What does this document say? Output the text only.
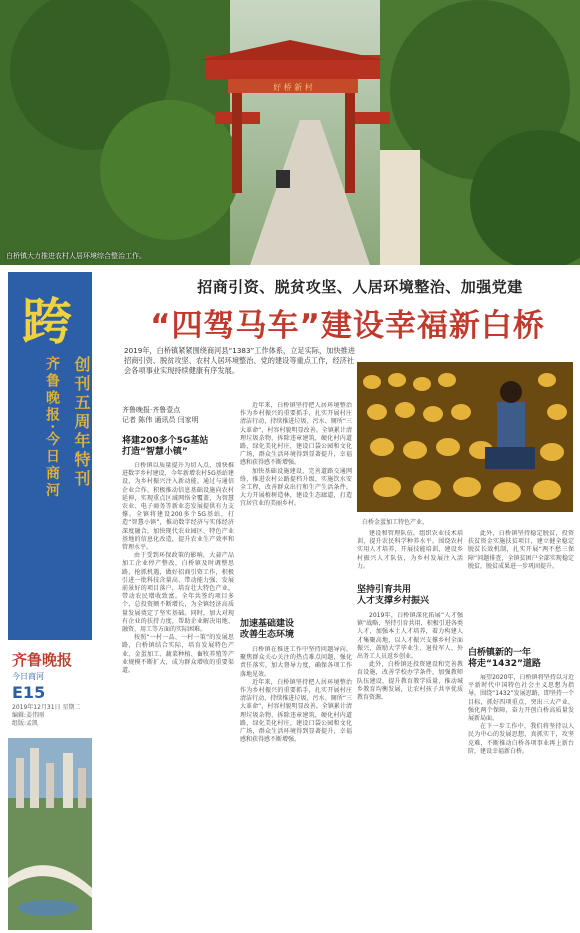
好 桥 新 村
白桥镇大力推进农村人居环境综合整治工作。
招商引资、脱贫攻坚、人居环境整治、加强党建
“四驾马车”建设幸福新白桥
跨
齐鲁晚报·今日商河 创刊五周年特刊
齐鲁晚报
今日商河
E15
2019年12月31日 星期二
编辑:姜伟刚
组版:孟凯
2019年，白桥镇紧紧围绕商河县“1383”工作体系，立足实际，加快推进招商引资、脱贫攻坚、农村人居环境整治、党的建设等重点工作，经济社会各项事业实现持续健康有序发展。
白桥金蛋加工特色产业。
齐鲁晚报·齐鲁壹点
记者 陈伟 通讯员 闫家明
将建200多个5G基站
打造“智慧小镇”
加速基础建设
改善生态环境
坚持引育共用
人才支撑乡村振兴
白桥镇新的一年
将走“1432”道路

白桥镇以质量提升为切入点，加快推进数字乡村建设，今年新增农村5G基站建设，为乡村振兴注入新动能。通过与通信企业合作，积极推动信息基础设施向农村延伸，实现重点区域网络全覆盖，为智慧农业、电子商务等新业态发展提供有力支撑。全镇将建设200多个5G基站，打造“智慧小镇”，推动数字经济与实体经济深度融合，加快现代农业园区、特色产业基地的信息化改造，提升农业生产效率和管理水平。

由于受到环保政策的影响，大蒜产品加工企业停产整改，白桥镇及时调整思路，抢抓机遇，做好招商引资工作，积极引进一批科技含量高、带动能力强、发展前景好的项目落户，培育壮大特色产业，带动农民增收致富。全年共签约项目多个，总投资额不断增长，为全镇经济高质量发展奠定了坚实基础。同时，加大对现有企业的扶持力度，帮助企业解决用地、融资、用工等方面的实际困难。

按照“一村一品、一村一策”的发展思路，白桥镇结合实际，培育发展特色产业，金蛋加工、蔬菜种植、畜牧养殖等产业规模不断扩大，成为群众增收的重要渠道。

近年来，白桥镇坚持把人居环境整治作为乡村振兴的重要抓手，扎实开展村庄清洁行动，持续推进垃圾、污水、厕所“三大革命”，村容村貌明显改善。全镇累计清理垃圾杂物、拆除违章建筑，硬化村内道路，绿化美化村庄，建设口袋公园和文化广场，群众生活环境得到显著提升，幸福感和获得感不断增强。

加快基础设施建设，完善道路交通网络，推进农村公路提档升级，实施饮水安全工程，改善群众出行和生产生活条件。大力开展植树造林，建设生态廊道，打造宜居宜业的美丽乡村。

白桥镇在推进工作中坚持问题导向，聚焦群众关心关注的热点难点问题，强化责任落实，加大督导力度，确保各项工作落地见效。

近年来，白桥镇坚持把人居环境整治作为乡村振兴的重要抓手，扎实开展村庄清洁行动，持续推进垃圾、污水、厕所“三大革命”，村容村貌明显改善。全镇累计清理垃圾杂物、拆除违章建筑，硬化村内道路，绿化美化村庄，建设口袋公园和文化广场，群众生活环境得到显著提升，幸福感和获得感不断增强。

建设和管理队伍，组织农业技术培训，提升农民科学种养水平。围绕农村实用人才培养，开展技能培训，建设乡村振兴人才队伍，为乡村发展注入活力。

2019年，白桥镇深化拓展“人才强镇”战略，坚持引育共用，积极引进各类人才，加强本土人才培养，着力构建人才集聚高地，以人才振兴支撑乡村全面振兴，鼓励大学毕业生、退役军人、外出务工人员返乡创业。

此外，白桥镇还投资建设和完善教育设施，改善学校办学条件，加强教师队伍建设，提升教育教学质量，推动城乡教育均衡发展，让农村孩子共享优质教育资源。

此外，白桥镇坚持稳定脱贫，投资扶贫资金实施扶贫项目，建立健全稳定脱贫长效机制，扎实开展“两不愁三保障”问题排查，全镇贫困户全部实现稳定脱贫，脱贫成果进一步巩固提升。

展望2020年，白桥镇将坚持以习近平新时代中国特色社会主义思想为指导，围绕“1432”发展思路，即坚持一个目标，抓好四项重点，突出三大产业，强化两个保障，奋力开创白桥高质量发展新局面。

在下一步工作中，我们将坚持以人民为中心的发展思想，真抓实干，攻坚克难，不断推动白桥各项事业再上新台阶，建设幸福新白桥。
